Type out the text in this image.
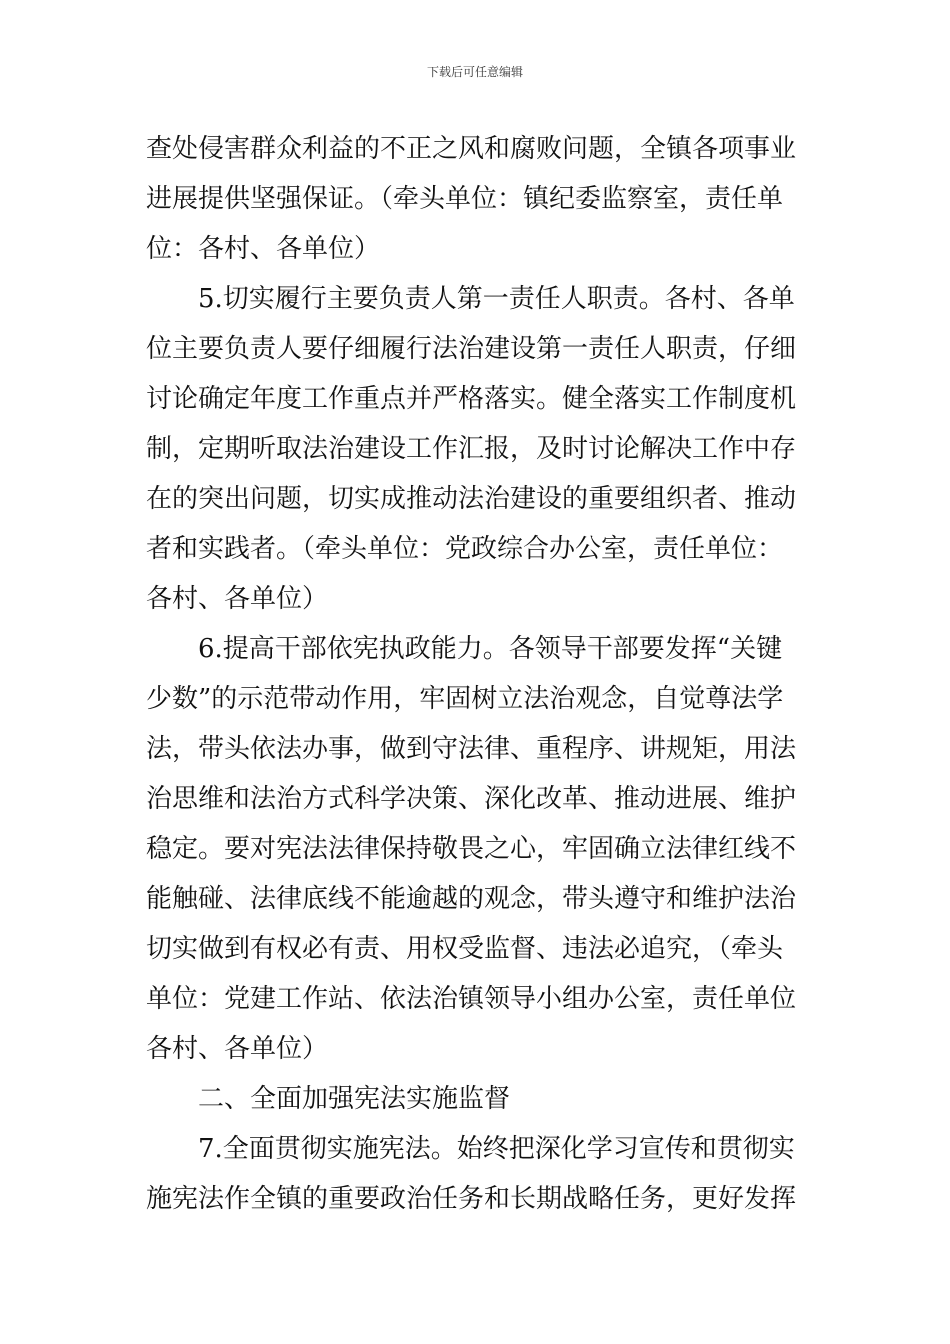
下载后可任意编辑
查处侵害群众利益的不正之风和腐败问题，全镇各项事业
进展提供坚强保证。（牵头单位：镇纪委监察室，责任单
位：各村、各单位）
5.切实履行主要负责人第一责任人职责。各村、各单
位主要负责人要仔细履行法治建设第一责任人职责，仔细
讨论确定年度工作重点并严格落实。健全落实工作制度机
制，定期听取法治建设工作汇报，及时讨论解决工作中存
在的突出问题，切实成推动法治建设的重要组织者、推动
者和实践者。（牵头单位：党政综合办公室，责任单位：
各村、各单位）
6.提高干部依宪执政能力。各领导干部要发挥“关键
少数”的示范带动作用，牢固树立法治观念，自觉尊法学
法，带头依法办事，做到守法律、重程序、讲规矩，用法
治思维和法治方式科学决策、深化改革、推动进展、维护
稳定。要对宪法法律保持敬畏之心，牢固确立法律红线不
能触碰、法律底线不能逾越的观念，带头遵守和维护法治
切实做到有权必有责、用权受监督、违法必追究，（牵头
单位：党建工作站、依法治镇领导小组办公室，责任单位
各村、各单位）
二、全面加强宪法实施监督
7.全面贯彻实施宪法。始终把深化学习宣传和贯彻实
施宪法作全镇的重要政治任务和长期战略任务，更好发挥
